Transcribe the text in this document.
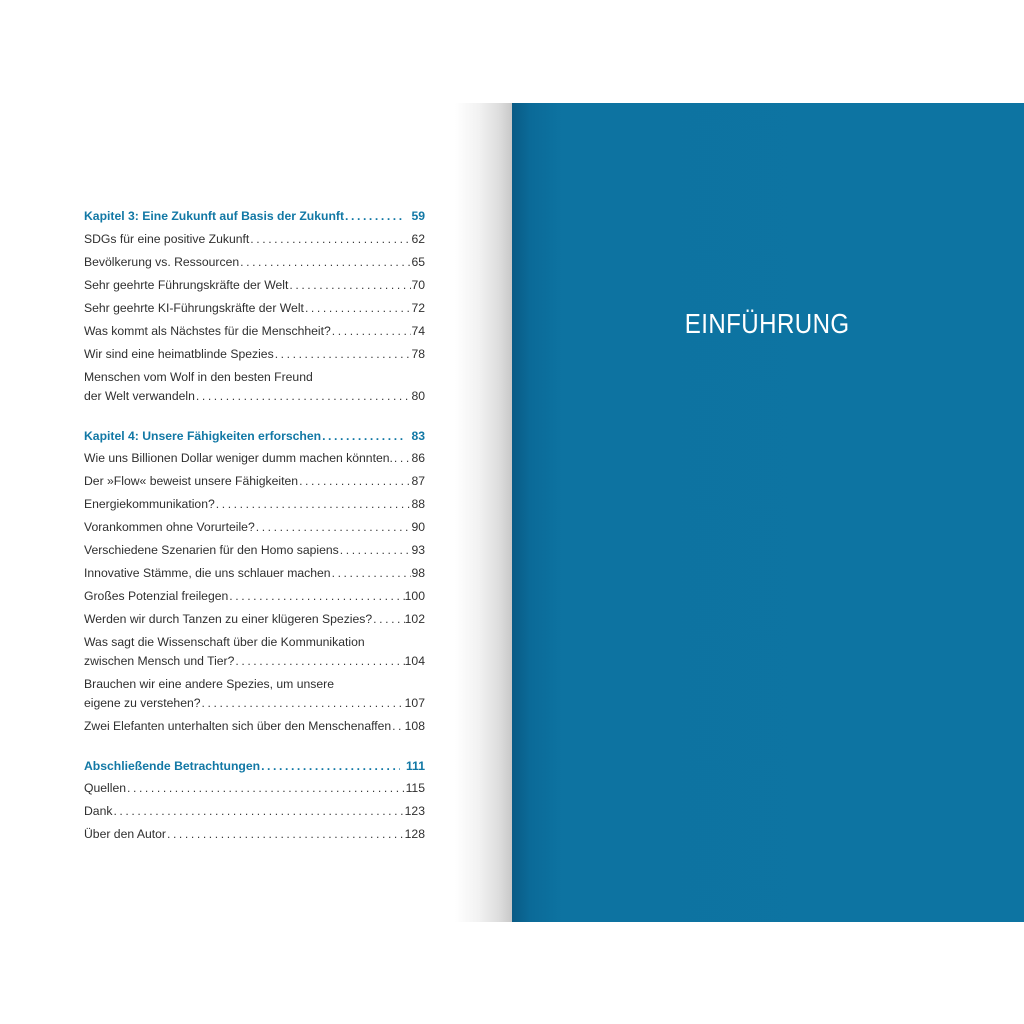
Kapitel 3: Eine Zukunft auf Basis der Zukunft . . .	59
SDGs für eine positive Zukunft . . .	62
Bevölkerung vs. Ressourcen . . .	65
Sehr geehrte Führungskräfte der Welt . . .	70
Sehr geehrte KI-Führungskräfte der Welt . . .	72
Was kommt als Nächstes für die Menschheit? . . .	74
Wir sind eine heimatblinde Spezies . . .	78
Menschen vom Wolf in den besten Freund
der Welt verwandeln . . .	80
Kapitel 4: Unsere Fähigkeiten erforschen . . .	83
Wie uns Billionen Dollar weniger dumm machen könnten. . . . 86
Der »Flow« beweist unsere Fähigkeiten . . .	87
Energiekommunikation? . . .	88
Vorankommen ohne Vorurteile? . . .	90
Verschiedene Szenarien für den Homo sapiens . . .	93
Innovative Stämme, die uns schlauer machen . . .	98
Großes Potenzial freilegen . . .	100
Werden wir durch Tanzen zu einer klügeren Spezies? . . .	102
Was sagt die Wissenschaft über die Kommunikation
zwischen Mensch und Tier? . . .	104
Brauchen wir eine andere Spezies, um unsere
eigene zu verstehen? . . .	107
Zwei Elefanten unterhalten sich über den Menschenaffen . . . 108
Abschließende Betrachtungen . . .	111
Quellen . . .	115
Dank . . .	123
Über den Autor . . .	128
EINFÜHRUNG
